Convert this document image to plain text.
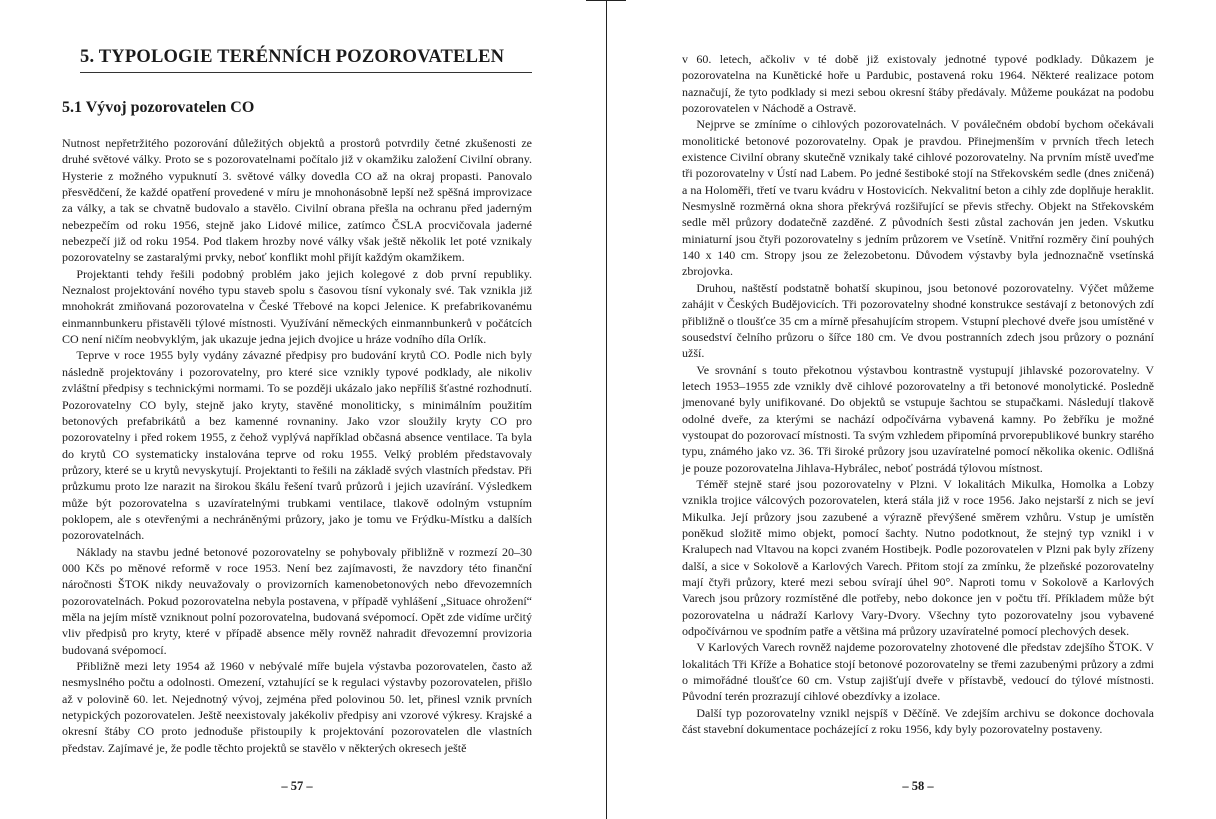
5. TYPOLOGIE TERÉNNÍCH POZOROVATELEN
5.1 Vývoj pozorovatelen CO

Nutnost nepřetržitého pozorování důležitých objektů a prostorů potvrdily četné zkušenosti ze druhé světové války. Proto se s pozorovatelnami počítalo již v okamžiku založení Civilní obrany. Hysterie z možného vypuknutí 3. světové války dovedla CO až na okraj propasti. Panovalo přesvědčení, že každé opatření provedené v míru je mnohonásobně lepší než spěšná improvizace za války, a tak se chvatně budovalo a stavělo. Civilní obrana přešla na ochranu před jaderným nebezpečím od roku 1956, stejně jako Lidové milice, zatímco ČSLA procvičovala jaderné nebezpečí již od roku 1954. Pod tlakem hrozby nové války však ještě několik let poté vznikaly pozorovatelny se zastaralými prvky, neboť konflikt mohl přijít každým okamžikem.

Projektanti tehdy řešili podobný problém jako jejich kolegové z dob první republiky. Neznalost projektování nového typu staveb spolu s časovou tísní vykonaly své. Tak vznikla již mnohokrát zmiňovaná pozorovatelna v České Třebové na kopci Jelenice. K prefabrikovanému einmannbunkeru přistavěli týlové místnosti. Využívání německých einmannbunkerů v počátcích CO není ničím neobvyklým, jak ukazuje jedna jejich dvojice u hráze vodního díla Orlík.

Teprve v roce 1955 byly vydány závazné předpisy pro budování krytů CO. Podle nich byly následně projektovány i pozorovatelny, pro které sice vznikly typové podklady, ale nikoliv zvláštní předpisy s technickými normami. To se později ukázalo jako nepříliš šťastné rozhodnutí. Pozorovatelny CO byly, stejně jako kryty, stavěné monoliticky, s minimálním použitím betonových prefabrikátů a bez kamenné rovnaniny. Jako vzor sloužily kryty CO pro pozorovatelny i před rokem 1955, z čehož vyplývá například občasná absence ventilace. Ta byla do krytů CO systematicky instalována teprve od roku 1955. Velký problém představovaly průzory, které se u krytů nevyskytují. Projektanti to řešili na základě svých vlastních představ. Při průzkumu proto lze narazit na širokou škálu řešení tvarů průzorů i jejich uzavírání. Výsledkem může být pozorovatelna s uzavíratelnými trubkami ventilace, tlakově odolným vstupním poklopem, ale s otevřenými a nechráněnými průzory, jako je tomu ve Frýdku-Místku a dalších pozorovatelnách.

Náklady na stavbu jedné betonové pozorovatelny se pohybovaly přibližně v rozmezí 20–30 000 Kčs po měnové reformě v roce 1953. Není bez zajímavosti, že navzdory této finanční náročnosti ŠTOK nikdy neuvažovaly o provizorních kamenobetonových nebo dřevozemních pozorovatelnách. Pokud pozorovatelna nebyla postavena, v případě vyhlášení „Situace ohrožení“ měla na jejím místě vzniknout polní pozorovatelna, budovaná svépomocí. Opět zde vidíme určitý vliv předpisů pro kryty, které v případě absence měly rovněž nahradit dřevozemní provizoria budovaná svépomocí.

Přibližně mezi lety 1954 až 1960 v nebývalé míře bujela výstavba pozorovatelen, často až nesmyslného počtu a odolnosti. Omezení, vztahující se k regulaci výstavby pozorovatelen, přišlo až v polovině 60. let. Nejednotný vývoj, zejména před polovinou 50. let, přinesl vznik prvních netypických pozorovatelen. Ještě neexistovaly jakékoliv předpisy ani vzorové výkresy. Krajské a okresní štáby CO proto jednoduše přistoupily k projektování pozorovatelen dle vlastních představ. Zajímavé je, že podle těchto projektů se stavělo v některých okresech ještě

– 57 –

v 60. letech, ačkoliv v té době již existovaly jednotné typové podklady. Důkazem je pozorovatelna na Kunětické hoře u Pardubic, postavená roku 1964. Některé realizace potom naznačují, že tyto podklady si mezi sebou okresní štáby předávaly. Můžeme poukázat na podobu pozorovatelen v Náchodě a Ostravě.

Nejprve se zmíníme o cihlových pozorovatelnách. V poválečném období bychom očekávali monolitické betonové pozorovatelny. Opak je pravdou. Přinejmenším v prvních třech letech existence Civilní obrany skutečně vznikaly také cihlové pozorovatelny. Na prvním místě uveďme tři pozorovatelny v Ústí nad Labem. Po jedné šestiboké stojí na Střekovském sedle (dnes zničená) a na Holoměři, třetí ve tvaru kvádru v Hostovicích. Nekvalitní beton a cihly zde doplňuje heraklit. Nesmyslně rozměrná okna shora překrývá rozšiřující se převis střechy. Objekt na Střekovském sedle měl průzory dodatečně zazděné. Z původních šesti zůstal zachován jen jeden. Vskutku miniaturní jsou čtyři pozorovatelny s jedním průzorem ve Vsetíně. Vnitřní rozměry činí pouhých 140 x 140 cm. Stropy jsou ze železobetonu. Důvodem výstavby byla jednoznačně vsetínská zbrojovka.

Druhou, naštěstí podstatně bohatší skupinou, jsou betonové pozorovatelny. Výčet můžeme zahájit v Českých Budějovicích. Tři pozorovatelny shodné konstrukce sestávají z betonových zdí přibližně o tloušťce 35 cm a mírně přesahujícím stropem. Vstupní plechové dveře jsou umístěné v sousedství čelního průzoru o šířce 180 cm. Ve dvou postranních zdech jsou průzory o poznání užší.

Ve srovnání s touto překotnou výstavbou kontrastně vystupují jihlavské pozorovatelny. V letech 1953–1955 zde vznikly dvě cihlové pozorovatelny a tři betonové monolytické. Posledně jmenované byly unifikované. Do objektů se vstupuje šachtou se stupačkami. Následují tlakově odolné dveře, za kterými se nachází odpočívárna vybavená kamny. Po žebříku je možné vystoupat do pozorovací místnosti. Ta svým vzhledem připomíná prvorepublikové bunkry starého typu, známého jako vz. 36. Tři široké průzory jsou uzavíratelné pomocí několika okenic. Odlišná je pouze pozorovatelna Jihlava-Hybrálec, neboť postrádá týlovou místnost.

Téměř stejně staré jsou pozorovatelny v Plzni. V lokalitách Mikulka, Homolka a Lobzy vznikla trojice válcových pozorovatelen, která stála již v roce 1956. Jako nejstarší z nich se jeví Mikulka. Její průzory jsou zazubené a výrazně převýšené směrem vzhůru. Vstup je umístěn poněkud složitě mimo objekt, pomocí šachty. Nutno podotknout, že stejný typ vznikl i v Kralupech nad Vltavou na kopci zvaném Hostibejk. Podle pozorovatelen v Plzni pak byly zřízeny další, a sice v Sokolově a Karlových Varech. Přitom stojí za zmínku, že plzeňské pozorovatelny mají čtyři průzory, které mezi sebou svírají úhel 90°. Naproti tomu v Sokolově a Karlových Varech jsou průzory rozmístěné dle potřeby, nebo dokonce jen v počtu tří. Příkladem může být pozorovatelna u nádraží Karlovy Vary-Dvory. Všechny tyto pozorovatelny jsou vybavené odpočívárnou ve spodním patře a většina má průzory uzavíratelné pomocí plechových desek.

V Karlových Varech rovněž najdeme pozorovatelny zhotovené dle představ zdejšího ŠTOK. V lokalitách Tři Kříže a Bohatice stojí betonové pozorovatelny se třemi zazubenými průzory a zdmi o mimořádné tloušťce 60 cm. Vstup zajišťují dveře v přístavbě, vedoucí do týlové místnosti. Původní terén prozrazují cihlové obezdívky a izolace.

Další typ pozorovatelny vznikl nejspíš v Děčíně. Ve zdejším archivu se dokonce dochovala část stavební dokumentace pocházející z roku 1956, kdy byly pozorovatelny postaveny.

– 58 –
